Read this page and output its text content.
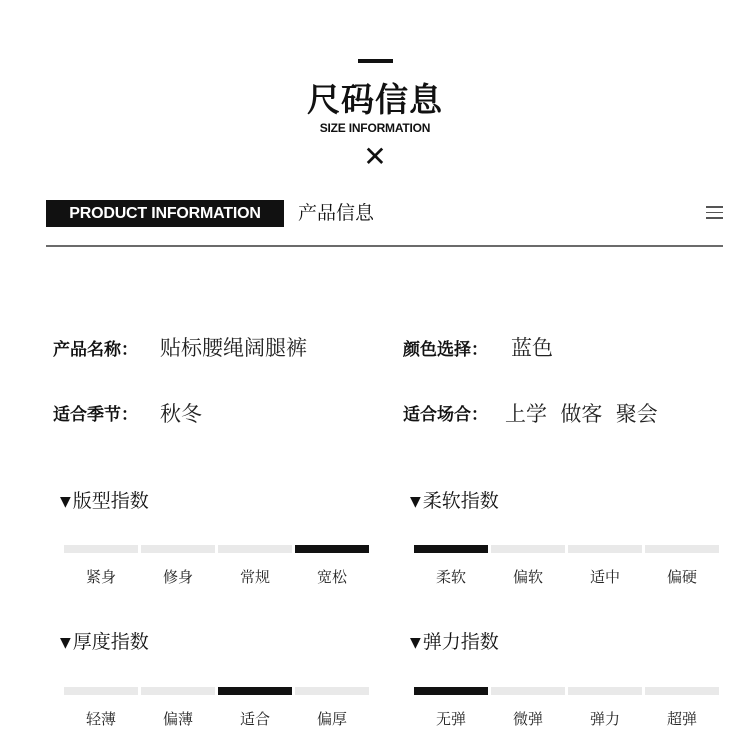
尺码信息
SIZE INFORMATION
✕
PRODUCT INFORMATION	产品信息
产品名称： 贴标腰绳阔腿裤	颜色选择： 蓝色
适合季节： 秋冬	适合场合： 上学  做客  聚会
▼ 版型指数
紧身	修身	常规	宽松
▼ 柔软指数
柔软	偏软	适中	偏硬
▼ 厚度指数
轻薄	偏薄	适合	偏厚
▼ 弹力指数
无弹	微弹	弹力	超弹
